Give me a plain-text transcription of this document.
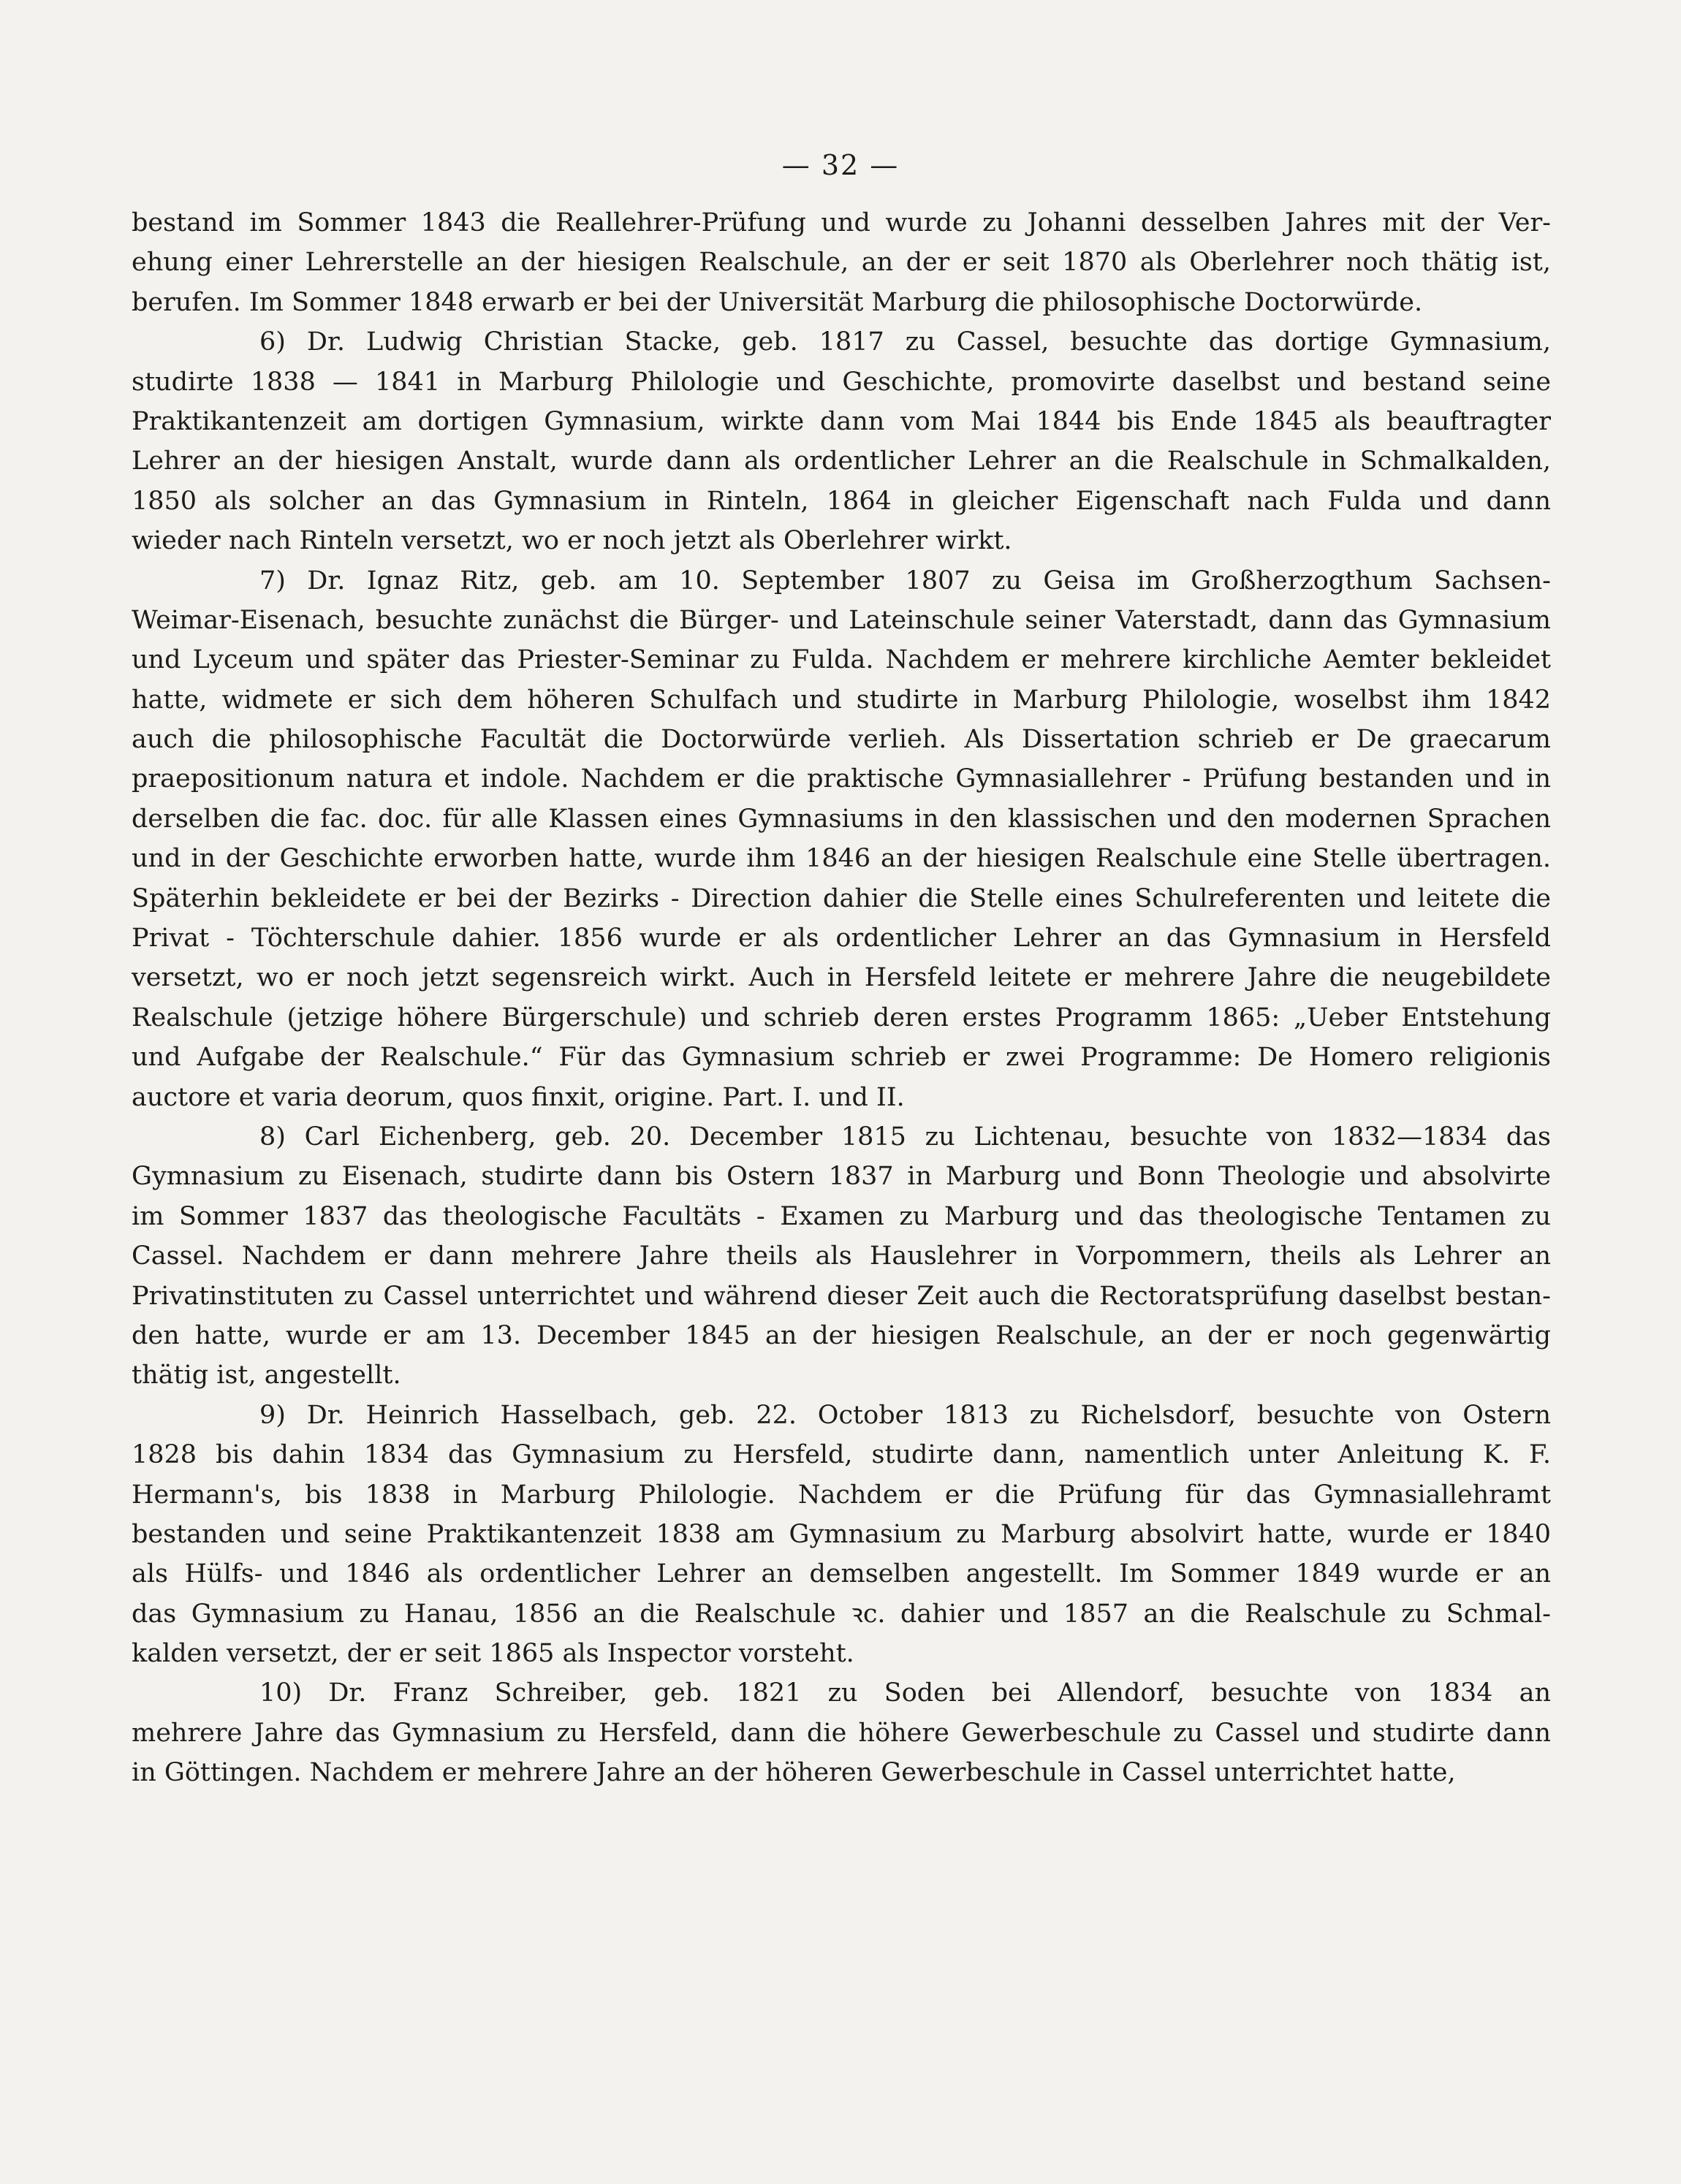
— 32 —
bestand im Sommer 1843 die Reallehrer-Prüfung und wurde zu Johanni desselben Jahres mit der Ver-
ehung einer Lehrerstelle an der hiesigen Realschule, an der er seit 1870 als Oberlehrer noch thätig ist,
berufen. Im Sommer 1848 erwarb er bei der Universität Marburg die philosophische Doctorwürde.
6) Dr. Ludwig Christian Stacke, geb. 1817 zu Cassel, besuchte das dortige Gymnasium,
studirte 1838 — 1841 in Marburg Philologie und Geschichte, promovirte daselbst und bestand seine
Praktikantenzeit am dortigen Gymnasium, wirkte dann vom Mai 1844 bis Ende 1845 als beauftragter
Lehrer an der hiesigen Anstalt, wurde dann als ordentlicher Lehrer an die Realschule in Schmalkalden,
1850 als solcher an das Gymnasium in Rinteln, 1864 in gleicher Eigenschaft nach Fulda und dann
wieder nach Rinteln versetzt, wo er noch jetzt als Oberlehrer wirkt.
7) Dr. Ignaz Ritz, geb. am 10. September 1807 zu Geisa im Großherzogthum Sachsen-
Weimar-Eisenach, besuchte zunächst die Bürger- und Lateinschule seiner Vaterstadt, dann das Gymnasium
und Lyceum und später das Priester-Seminar zu Fulda. Nachdem er mehrere kirchliche Aemter bekleidet
hatte, widmete er sich dem höheren Schulfach und studirte in Marburg Philologie, woselbst ihm 1842
auch die philosophische Facultät die Doctorwürde verlieh. Als Dissertation schrieb er De graecarum
praepositionum natura et indole. Nachdem er die praktische Gymnasiallehrer - Prüfung bestanden und in
derselben die fac. doc. für alle Klassen eines Gymnasiums in den klassischen und den modernen Sprachen
und in der Geschichte erworben hatte, wurde ihm 1846 an der hiesigen Realschule eine Stelle übertragen.
Späterhin bekleidete er bei der Bezirks - Direction dahier die Stelle eines Schulreferenten und leitete die
Privat - Töchterschule dahier. 1856 wurde er als ordentlicher Lehrer an das Gymnasium in Hersfeld
versetzt, wo er noch jetzt segensreich wirkt. Auch in Hersfeld leitete er mehrere Jahre die neugebildete
Realschule (jetzige höhere Bürgerschule) und schrieb deren erstes Programm 1865: „Ueber Entstehung
und Aufgabe der Realschule.“ Für das Gymnasium schrieb er zwei Programme: De Homero religionis
auctore et varia deorum, quos finxit, origine. Part. I. und II.
8) Carl Eichenberg, geb. 20. December 1815 zu Lichtenau, besuchte von 1832—1834 das
Gymnasium zu Eisenach, studirte dann bis Ostern 1837 in Marburg und Bonn Theologie und absolvirte
im Sommer 1837 das theologische Facultäts - Examen zu Marburg und das theologische Tentamen zu
Cassel. Nachdem er dann mehrere Jahre theils als Hauslehrer in Vorpommern, theils als Lehrer an
Privatinstituten zu Cassel unterrichtet und während dieser Zeit auch die Rectoratsprüfung daselbst bestan-
den hatte, wurde er am 13. December 1845 an der hiesigen Realschule, an der er noch gegenwärtig
thätig ist, angestellt.
9) Dr. Heinrich Hasselbach, geb. 22. October 1813 zu Richelsdorf, besuchte von Ostern
1828 bis dahin 1834 das Gymnasium zu Hersfeld, studirte dann, namentlich unter Anleitung K. F.
Hermann's, bis 1838 in Marburg Philologie. Nachdem er die Prüfung für das Gymnasiallehramt
bestanden und seine Praktikantenzeit 1838 am Gymnasium zu Marburg absolvirt hatte, wurde er 1840
als Hülfs- und 1846 als ordentlicher Lehrer an demselben angestellt. Im Sommer 1849 wurde er an
das Gymnasium zu Hanau, 1856 an die Realschule ꝛc. dahier und 1857 an die Realschule zu Schmal-
kalden versetzt, der er seit 1865 als Inspector vorsteht.
10) Dr. Franz Schreiber, geb. 1821 zu Soden bei Allendorf, besuchte von 1834 an
mehrere Jahre das Gymnasium zu Hersfeld, dann die höhere Gewerbeschule zu Cassel und studirte dann
in Göttingen. Nachdem er mehrere Jahre an der höheren Gewerbeschule in Cassel unterrichtet hatte,
